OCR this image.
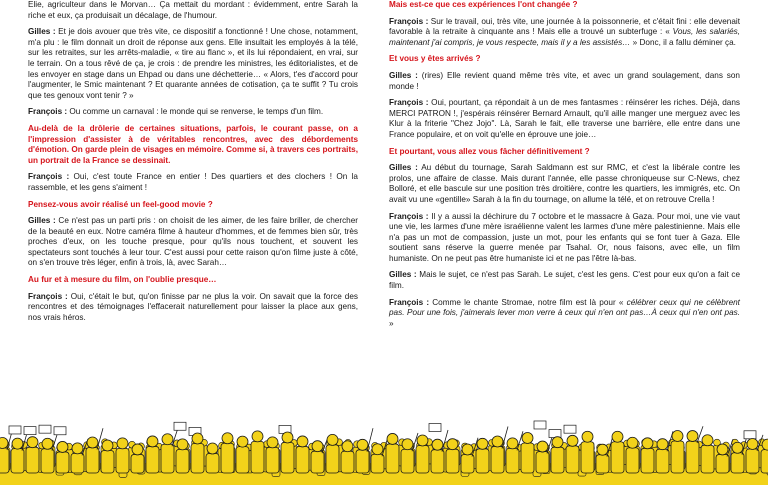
Elie, agriculteur dans le Morvan… Ça mettait du mordant : évidemment, entre Sarah la riche et eux, ça produisait un décalage, de l'humour.

Gilles : Et je dois avouer que très vite, ce dispositif a fonctionné ! Une chose, notamment, m'a plu : le film donnait un droit de réponse aux gens. Elle insultait les employés à la télé, sur les retraites, sur les arrêts-maladie, « tire au flanc », et ils lui répondaient, en vrai, sur le terrain. On a tous rêvé de ça, je crois : de prendre les ministres, les éditorialistes, et de les envoyer en stage dans un Ehpad ou dans une déchetterie… « Alors, t'es d'accord pour l'augmenter, le Smic maintenant ? Et quarante années de cotisation, ça te suffit ? Tu crois que tes genoux vont tenir ? »

François : Ou comme un carnaval : le monde qui se renverse, le temps d'un film.

Au-delà de la drôlerie de certaines situations, parfois, le courant passe, on a l'impression d'assister à de véritables rencontres, avec des débordements d'émotion. On garde plein de visages en mémoire. Comme si, à travers ces portraits, un portrait de la France se dessinait.

François : Oui, c'est toute France en entier ! Des quartiers et des clochers ! On la rassemble, et les gens s'aiment !

Pensez-vous avoir réalisé un feel-good movie ?

Gilles : Ce n'est pas un parti pris : on choisit de les aimer, de les faire briller, de chercher de la beauté en eux. Notre caméra filme à hauteur d'hommes, et de femmes bien sûr, très proches d'eux, on les touche presque, pour qu'ils nous touchent, et souvent les spectateurs sont touchés à leur tour. C'est aussi pour cette raison qu'on filme juste à côté, on s'en trouve très léger, enfin à trois, là, avec Sarah…

Au fur et à mesure du film, on l'oublie presque…

François : Oui, c'était le but, qu'on finisse par ne plus la voir. On savait que la force des rencontres et des témoignages l'effacerait naturellement pour laisser la place aux gens, nos vrais héros.

Mais est-ce que ces expériences l'ont changée ?

François : Sur le travail, oui, très vite, une journée à la poissonnerie, et c'était fini : elle devenait favorable à la retraite à cinquante ans ! Mais elle a trouvé un subterfuge : « Vous, les salariés, maintenant j'ai compris, je vous respecte, mais il y a les assistés… » Donc, il a fallu déminer ça.

Et vous y êtes arrivés ?

Gilles : (rires) Elle revient quand même très vite, et avec un grand soulagement, dans son monde !

François : Oui, pourtant, ça répondait à un de mes fantasmes : réinsérer les riches. Déjà, dans MERCI PATRON !, j'espérais réinsérer Bernard Arnault, qu'il aille manger une merguez avec les Klur à la friterie "Chez Jojo". Là, Sarah le fait, elle traverse une barrière, elle entre dans une France populaire, et on voit qu'elle en éprouve une joie…

Et pourtant, vous allez vous fâcher définitivement ?

Gilles : Au début du tournage, Sarah Saldmann est sur RMC, et c'est la libérale contre les prolos, une affaire de classe. Mais durant l'année, elle passe chroniqueuse sur C-News, chez Bolloré, et elle bascule sur une position très droitière, contre les quartiers, les immigrés, etc. On avait vu une «gentille» Sarah à la fin du tournage, on allume la télé, et on retrouve Crella !

François : Il y a aussi la déchirure du 7 octobre et le massacre à Gaza. Pour moi, une vie vaut une vie, les larmes d'une mère israélienne valent les larmes d'une mère palestinienne. Mais elle n'a pas un mot de compassion, juste un mot, pour les enfants qui se font tuer à Gaza. Elle soutient sans réserve la guerre menée par Tsahal. Or, nous faisons, avec elle, un film humaniste. On ne peut pas être humaniste ici et ne pas l'être là-bas.

Gilles : Mais le sujet, ce n'est pas Sarah. Le sujet, c'est les gens. C'est pour eux qu'on a fait ce film.

François : Comme le chante Stromae, notre film est là pour « célébrer ceux qui ne célèbrent pas. Pour une fois, j'aimerais lever mon verre à ceux qui n'en ont pas…À ceux qui n'en ont pas. »
